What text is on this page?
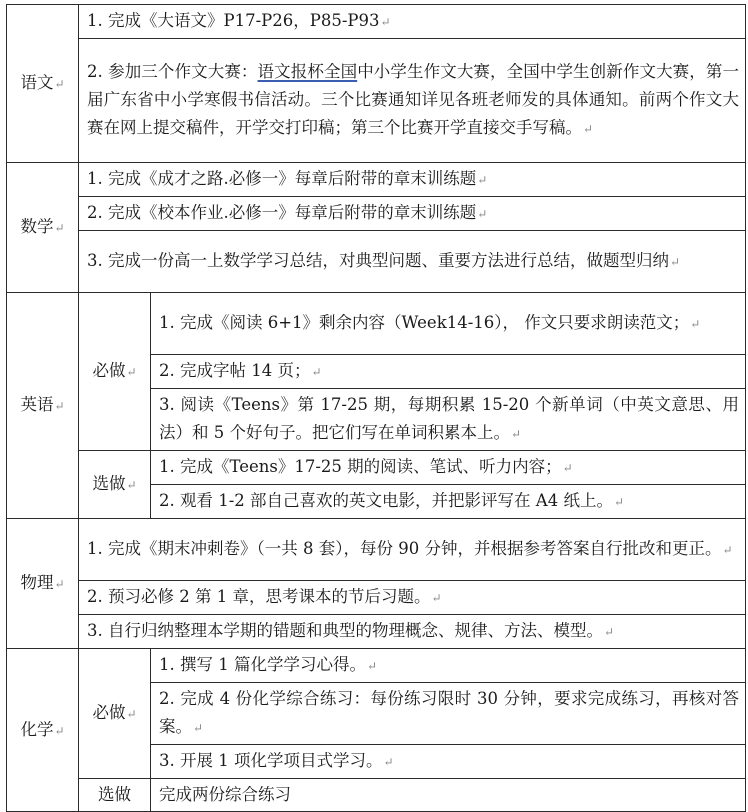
语文↵	1. 完成《大语文》P17-P26，P85-P93↵	
	2. 参加三个作文大赛：语文报杯全国中小学生作文大赛，全国中学生创新作文大赛，第一届广东省中小学寒假书信活动。三个比赛通知详见各班老师发的具体通知。前两个作文大赛在网上提交稿件，开学交打印稿；第三个比赛开学直接交手写稿。↵	
数学↵	1. 完成《成才之路.必修一》每章后附带的章末训练题↵	
	2. 完成《校本作业.必修一》每章后附带的章末训练题↵	
	3. 完成一份高一上数学学习总结，对典型问题、重要方法进行总结，做题型归纳↵	
英语↵	必做↵	1. 完成《阅读 6+1》剩余内容（Week14-16）， 作文只要求朗读范文；↵
		2. 完成字帖 14 页；↵
		3. 阅读《Teens》第 17-25 期，每期积累 15-20 个新单词（中英文意思、用法）和 5 个好句子。把它们写在单词积累本上。↵
	选做↵	1. 完成《Teens》17-25 期的阅读、笔试、听力内容；↵
		2. 观看 1-2 部自己喜欢的英文电影，并把影评写在 A4 纸上。↵
物理↵	1. 完成《期末冲刺卷》（一共 8 套），每份 90 分钟，并根据参考答案自行批改和更正。↵	
	2. 预习必修 2 第 1 章，思考课本的节后习题。↵	
	3. 自行归纳整理本学期的错题和典型的物理概念、规律、方法、模型。↵	
化学↵	必做↵	1. 撰写 1 篇化学学习心得。↵
		2. 完成 4 份化学综合练习：每份练习限时 30 分钟，要求完成练习，再核对答案。↵
		3. 开展 1 项化学项目式学习。↵
	选做	完成两份综合练习
